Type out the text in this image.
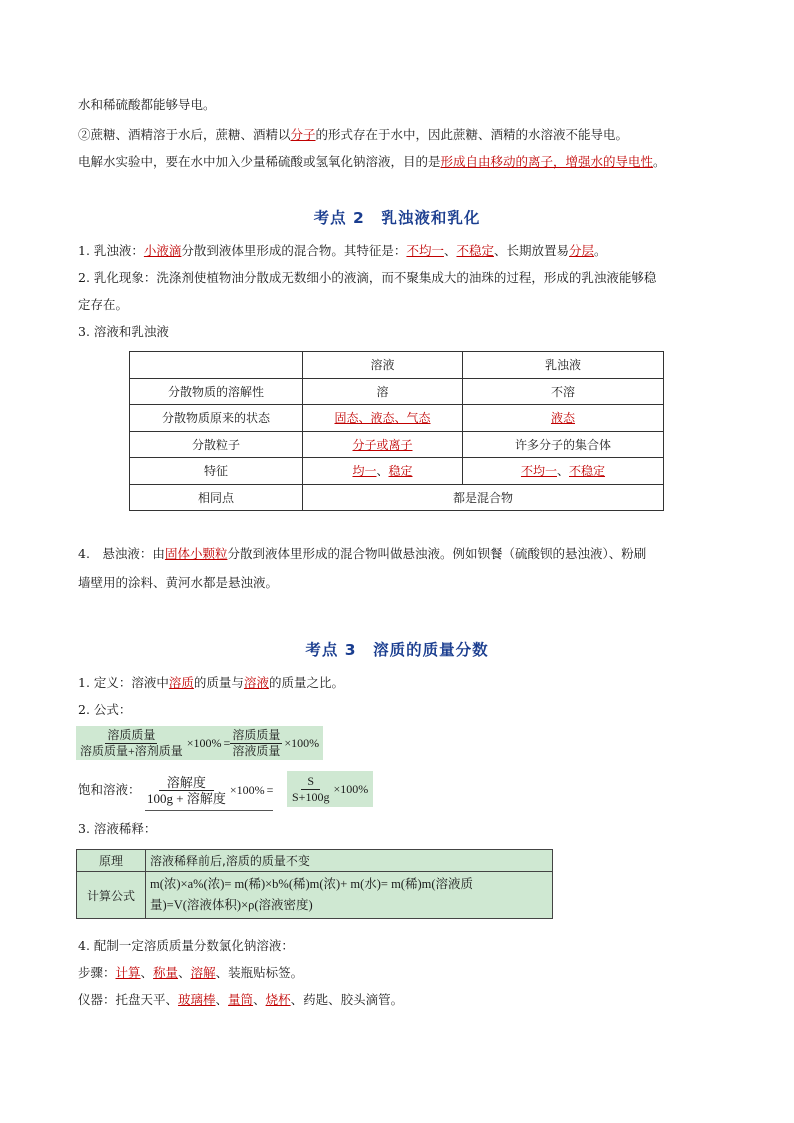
水和稀硫酸都能够导电。
②蔗糖、酒精溶于水后，蔗糖、酒精以分子的形式存在于水中，因此蔗糖、酒精的水溶液不能导电。
电解水实验中，要在水中加入少量稀硫酸或氢氧化钠溶液，目的是形成自由移动的离子，增强水的导电性。
考点 2　乳浊液和乳化
1. 乳浊液：小液滴分散到液体里形成的混合物。其特征是：不均一、不稳定、长期放置易分层。
2. 乳化现象：洗涤剂使植物油分散成无数细小的液滴，而不聚集成大的油珠的过程，形成的乳浊液能够稳
定存在。
3. 溶液和乳浊液
	溶液	乳浊液
分散物质的溶解性	溶	不溶
分散物质原来的状态	固态、液态、气态	液态
分散粒子	分子或离子	许多分子的集合体
特征	均一、稳定	不均一、不稳定
相同点	都是混合物	
4.　悬浊液：由固体小颗粒分散到液体里形成的混合物叫做悬浊液。例如钡餐（硫酸钡的悬浊液）、粉刷
墙壁用的涂料、黄河水都是悬浊液。
考点 3　溶质的质量分数
1. 定义：溶液中溶质的质量与溶液的质量之比。
2. 公式：
$\frac{\text{溶质质量}}{\text{溶质质量+溶剂质量}} \times 100\% = \frac{\text{溶质质量}}{\text{溶液质量}} \times 100\%$
饱和溶液： $\frac{\text{溶解度}}{\text{100g + 溶解度}} \times 100\% = \frac{S}{S+100g} \times 100\%$
3. 溶液稀释：
原理	溶液稀释前后,溶质的质量不变
计算公式	m(浓)×a%(浓)= m(稀)×b%(稀)m(浓)+ m(水)= m(稀)m(溶液质
量)=V(溶液体积)×ρ(溶液密度)
4. 配制一定溶质质量分数氯化钠溶液：
步骤：计算、称量、溶解、装瓶贴标签。
仪器：托盘天平、玻璃棒、量筒、烧杯、药匙、胶头滴管。
